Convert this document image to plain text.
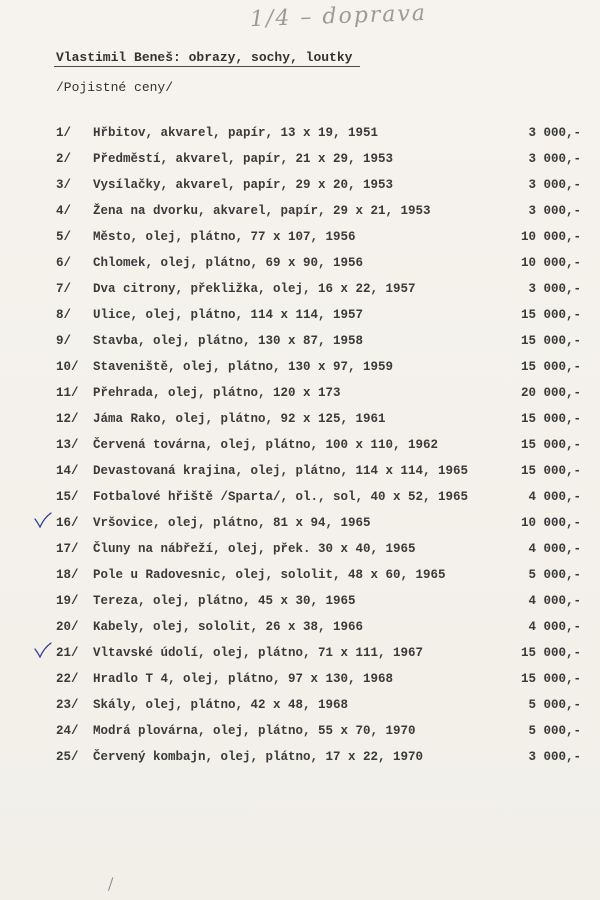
1/4 – doprava
Vlastimil Beneš: obrazy, sochy, loutky
/Pojistné ceny/
1/	Hřbitov, akvarel, papír, 13 x 19, 1951	3 000,-
2/	Předměstí, akvarel, papír, 21 x 29, 1953	3 000,-
3/	Vysílačky, akvarel, papír, 29 x 20, 1953	3 000,-
4/	Žena na dvorku, akvarel, papír, 29 x 21, 1953	3 000,-
5/	Město, olej, plátno, 77 x 107, 1956	10 000,-
6/	Chlomek, olej, plátno, 69 x 90, 1956	10 000,-
7/	Dva citrony, překližka, olej, 16 x 22, 1957	3 000,-
8/	Ulice, olej, plátno, 114 x 114, 1957	15 000,-
9/	Stavba, olej, plátno, 130 x 87, 1958	15 000,-
10/	Staveniště, olej, plátno, 130 x 97, 1959	15 000,-
11/	Přehrada, olej, plátno, 120 x 173	20 000,-
12/	Jáma Rako, olej, plátno, 92 x 125, 1961	15 000,-
13/	Červená továrna, olej, plátno, 100 x 110, 1962	15 000,-
14/	Devastovaná krajina, olej, plátno, 114 x 114, 1965	15 000,-
15/	Fotbalové hřiště /Sparta/, ol., sol, 40 x 52, 1965	4 000,-
16/	Vršovice, olej, plátno, 81 x 94, 1965	10 000,-
17/	Čluny na nábřeží, olej, přek. 30 x 40, 1965	4 000,-
18/	Pole u Radovesnic, olej, sololit, 48 x 60, 1965	5 000,-
19/	Tereza, olej, plátno, 45 x 30, 1965	4 000,-
20/	Kabely, olej, sololit, 26 x 38, 1966	4 000,-
21/	Vltavské údolí, olej, plátno, 71 x 111, 1967	15 000,-
22/	Hradlo T 4, olej, plátno, 97 x 130, 1968	15 000,-
23/	Skály, olej, plátno, 42 x 48, 1968	5 000,-
24/	Modrá plovárna, olej, plátno, 55 x 70, 1970	5 000,-
25/	Červený kombajn, olej, plátno, 17 x 22, 1970	3 000,-
